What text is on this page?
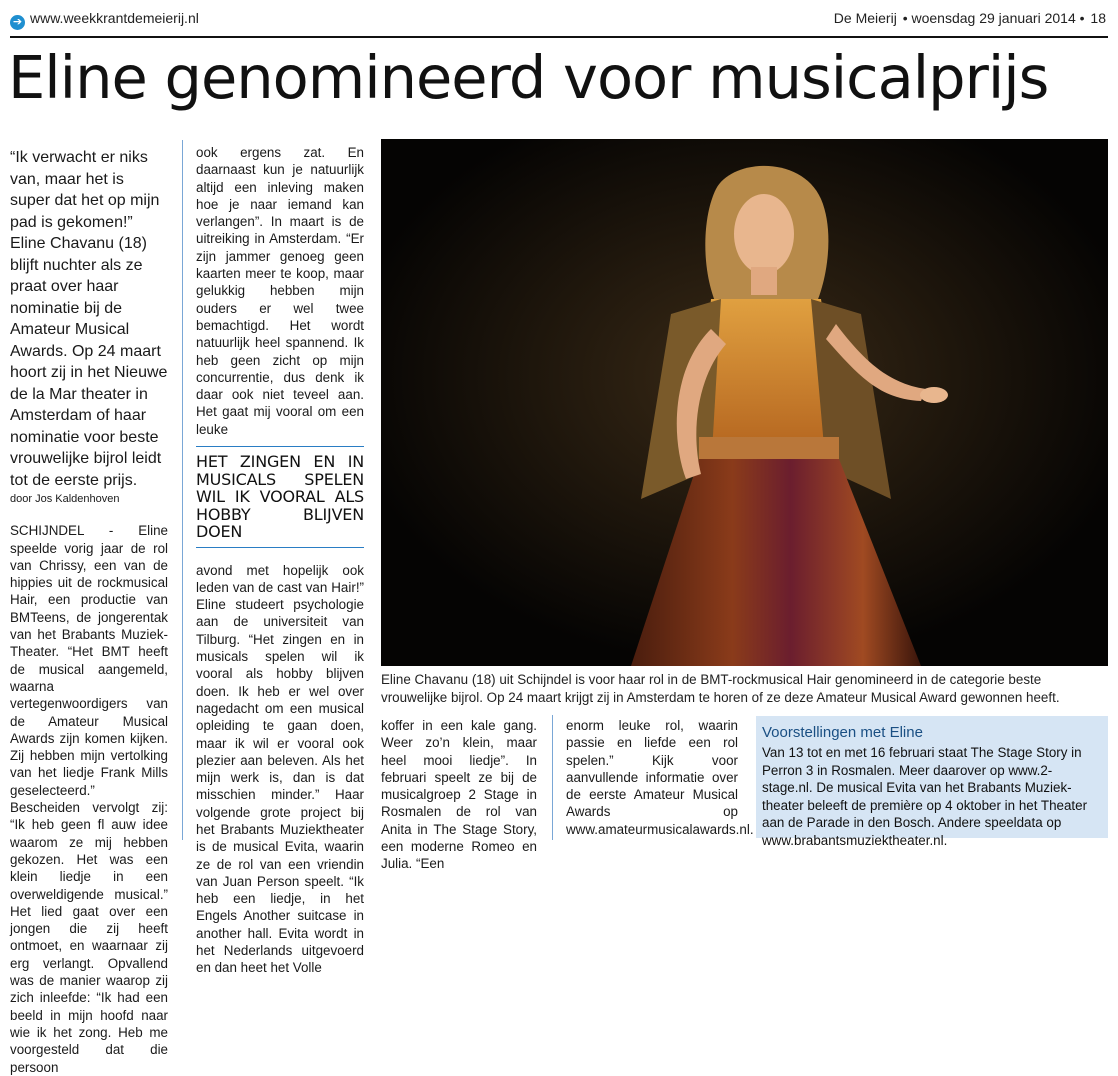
➔ www.weekkrantdemeierij.nl	De Meierij • woensdag 29 januari 2014 • 18
Eline genomineerd voor musicalprijs

“Ik verwacht er niks van, maar het is super dat het op mijn pad is gekomen!” Eline Chavanu (18) blijft nuchter als ze praat over haar nominatie bij de Amateur Musical Awards. Op 24 maart hoort zij in het Nieuwe de la Mar theater in Amsterdam of haar nominatie voor beste vrouwelijke bijrol leidt tot de eerste prijs.

door Jos Kaldenhoven

SCHIJNDEL - Eline speelde vorig jaar de rol van Chrissy, een van de hippies uit de rockmusical Hair, een productie van BMTeens, de jongerentak van het Brabants Muziek-Theater. “Het BMT heeft de musical aangemeld, waarna vertegenwoordigers van de Amateur Musical Awards zijn komen kijken. Zij hebben mijn vertolking van het liedje Frank Mills geselecteerd.” Bescheiden vervolgt zij: “Ik heb geen fl auw idee waarom ze mij hebben gekozen. Het was een klein liedje in een overweldigende musical.” Het lied gaat over een jongen die zij heeft ontmoet, en waarnaar zij erg verlangt. Opvallend was de manier waarop zij zich inleefde: “Ik had een beeld in mijn hoofd naar wie ik het zong. Heb me voorgesteld dat die persoon

ook ergens zat. En daarnaast kun je natuurlijk altijd een inleving maken hoe je naar iemand kan verlangen”. In maart is de uitreiking in Amsterdam. “Er zijn jammer genoeg geen kaarten meer te koop, maar gelukkig hebben mijn ouders er wel twee bemachtigd. Het wordt natuurlijk heel spannend. Ik heb geen zicht op mijn concurrentie, dus denk ik daar ook niet teveel aan. Het gaat mij vooral om een leuke

HET ZINGEN EN IN MUSICALS SPELEN WIL IK VOORAL ALS HOBBY BLIJVEN DOEN

avond met hopelijk ook leden van de cast van Hair!” Eline studeert psychologie aan de universiteit van Tilburg. “Het zingen en in musicals spelen wil ik vooral als hobby blijven doen. Ik heb er wel over nagedacht om een musical opleiding te gaan doen, maar ik wil er vooral ook plezier aan beleven. Als het mijn werk is, dan is dat misschien minder.” Haar volgende grote project bij het Brabants Muziektheater is de musical Evita, waarin ze de rol van een vriendin van Juan Person speelt. “Ik heb een liedje, in het Engels Another suitcase in another hall. Evita wordt in het Nederlands uitgevoerd en dan heet het Volle

Eline Chavanu (18) uit Schijndel is voor haar rol in de BMT-rockmusical Hair genomineerd in de categorie beste vrouwelijke bijrol. Op 24 maart krijgt zij in Amsterdam te horen of ze deze Amateur Musical Award gewonnen heeft.

koffer in een kale gang. Weer zo’n klein, maar heel mooi liedje”. In februari speelt ze bij de musicalgroep 2 Stage in Rosmalen de rol van Anita in The Stage Story, een moderne Romeo en Julia. “Een

enorm leuke rol, waarin passie en liefde een rol spelen.” Kijk voor aanvullende informatie over de eerste Amateur Musical Awards op www.amateurmusicalawards.nl.

Voorstellingen met Eline
Van 13 tot en met 16 februari staat The Stage Story in Perron 3 in Rosmalen. Meer daarover op www.2-stage.nl. De musical Evita van het Brabants Muziek-theater beleeft de première op 4 oktober in het Theater aan de Parade in den Bosch. Andere speeldata op www.brabantsmuziektheater.nl.
